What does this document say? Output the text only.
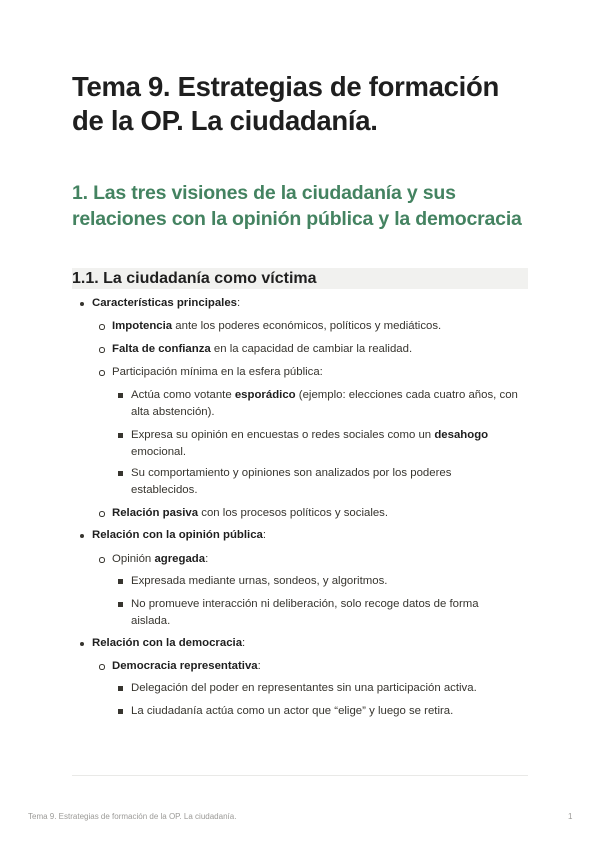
Tema 9. Estrategias de formación de la OP. La ciudadanía.
1. Las tres visiones de la ciudadanía y sus relaciones con la opinión pública y la democracia
1.1. La ciudadanía como víctima
Características principales:
Impotencia ante los poderes económicos, políticos y mediáticos.
Falta de confianza en la capacidad de cambiar la realidad.
Participación mínima en la esfera pública:
Actúa como votante esporádico (ejemplo: elecciones cada cuatro años, con alta abstención).
Expresa su opinión en encuestas o redes sociales como un desahogo emocional.
Su comportamiento y opiniones son analizados por los poderes establecidos.
Relación pasiva con los procesos políticos y sociales.
Relación con la opinión pública:
Opinión agregada:
Expresada mediante urnas, sondeos, y algoritmos.
No promueve interacción ni deliberación, solo recoge datos de forma aislada.
Relación con la democracia:
Democracia representativa:
Delegación del poder en representantes sin una participación activa.
La ciudadanía actúa como un actor que “elige” y luego se retira.
Tema 9. Estrategias de formación de la OP. La ciudadanía.	1
